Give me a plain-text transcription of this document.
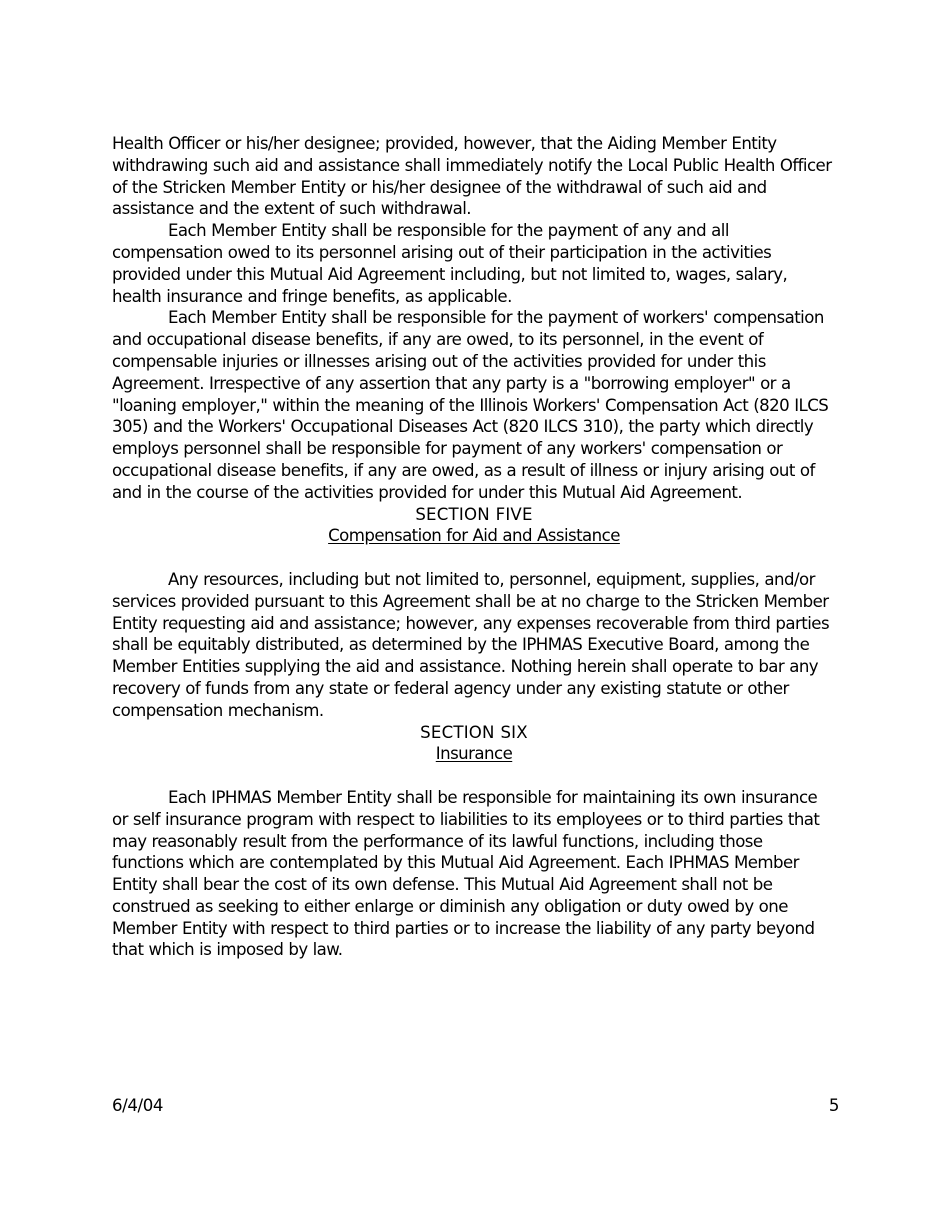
Health Officer or his/her designee; provided, however, that the Aiding Member Entity withdrawing such aid and assistance shall immediately notify the Local Public Health Officer of the Stricken Member Entity or his/her designee of the withdrawal of such aid and assistance and the extent of such withdrawal.

Each Member Entity shall be responsible for the payment of any and all compensation owed to its personnel arising out of their participation in the activities provided under this Mutual Aid Agreement including, but not limited to, wages, salary, health insurance and fringe benefits, as applicable.

Each Member Entity shall be responsible for the payment of workers' compensation and occupational disease benefits, if any are owed, to its personnel, in the event of compensable injuries or illnesses arising out of the activities provided for under this Agreement. Irrespective of any assertion that any party is a "borrowing employer" or a "loaning employer," within the meaning of the Illinois Workers' Compensation Act (820 ILCS 305) and the Workers' Occupational Diseases Act (820 ILCS 310), the party which directly employs personnel shall be responsible for payment of any workers' compensation or occupational disease benefits, if any are owed, as a result of illness or injury arising out of and in the course of the activities provided for under this Mutual Aid Agreement.

SECTION FIVE
Compensation for Aid and Assistance

Any resources, including but not limited to, personnel, equipment, supplies, and/or services provided pursuant to this Agreement shall be at no charge to the Stricken Member Entity requesting aid and assistance; however, any expenses recoverable from third parties shall be equitably distributed, as determined by the IPHMAS Executive Board, among the Member Entities supplying the aid and assistance. Nothing herein shall operate to bar any recovery of funds from any state or federal agency under any existing statute or other compensation mechanism.

SECTION SIX
Insurance

Each IPHMAS Member Entity shall be responsible for maintaining its own insurance or self insurance program with respect to liabilities to its employees or to third parties that may reasonably result from the performance of its lawful functions, including those functions which are contemplated by this Mutual Aid Agreement. Each IPHMAS Member Entity shall bear the cost of its own defense. This Mutual Aid Agreement shall not be construed as seeking to either enlarge or diminish any obligation or duty owed by one Member Entity with respect to third parties or to increase the liability of any party beyond that which is imposed by law.

6/4/04	5
